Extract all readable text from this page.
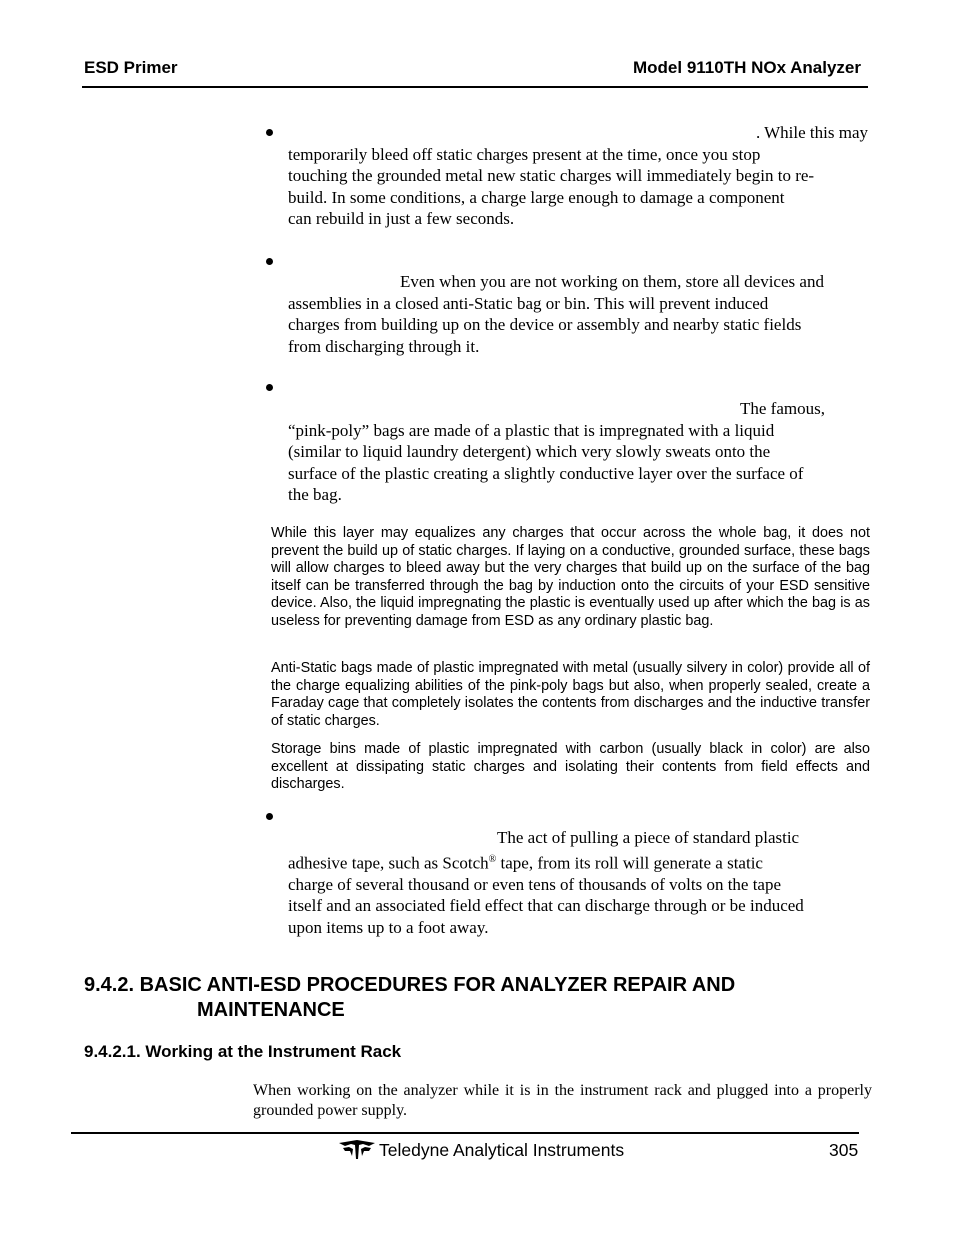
ESD Primer	Model 9110TH NOx Analyzer
. While this may
temporarily bleed off static charges present at the time, once you stop
touching the grounded metal new static charges will immediately begin to re-
build. In some conditions, a charge large enough to damage a component
can rebuild in just a few seconds.
Even when you are not working on them, store all devices and
assemblies in a closed anti-Static bag or bin. This will prevent induced
charges from building up on the device or assembly and nearby static fields
from discharging through it.
The famous,
“pink-poly” bags are made of a plastic that is impregnated with a liquid
(similar to liquid laundry detergent) which very slowly sweats onto the
surface of the plastic creating a slightly conductive layer over the surface of
the bag.
While this layer may equalizes any charges that occur across the whole bag, it does not prevent the build up of static charges. If laying on a conductive, grounded surface, these bags will allow charges to bleed away but the very charges that build up on the surface of the bag itself can be transferred through the bag by induction onto the circuits of your ESD sensitive device. Also, the liquid impregnating the plastic is eventually used up after which the bag is as useless for preventing damage from ESD as any ordinary plastic bag.
Anti-Static bags made of plastic impregnated with metal (usually silvery in color) provide all of the charge equalizing abilities of the pink-poly bags but also, when properly sealed, create a Faraday cage that completely isolates the contents from discharges and the inductive transfer of static charges.
Storage bins made of plastic impregnated with carbon (usually black in color) are also excellent at dissipating static charges and isolating their contents from field effects and discharges.
The act of pulling a piece of standard plastic
adhesive tape, such as Scotch® tape, from its roll will generate a static
charge of several thousand or even tens of thousands of volts on the tape
itself and an associated field effect that can discharge through or be induced
upon items up to a foot away.
9.4.2. BASIC ANTI-ESD PROCEDURES FOR ANALYZER REPAIR AND
MAINTENANCE
9.4.2.1. Working at the Instrument Rack
When working on the analyzer while it is in the instrument rack and plugged into a properly grounded power supply.
Teledyne Analytical Instruments	305
